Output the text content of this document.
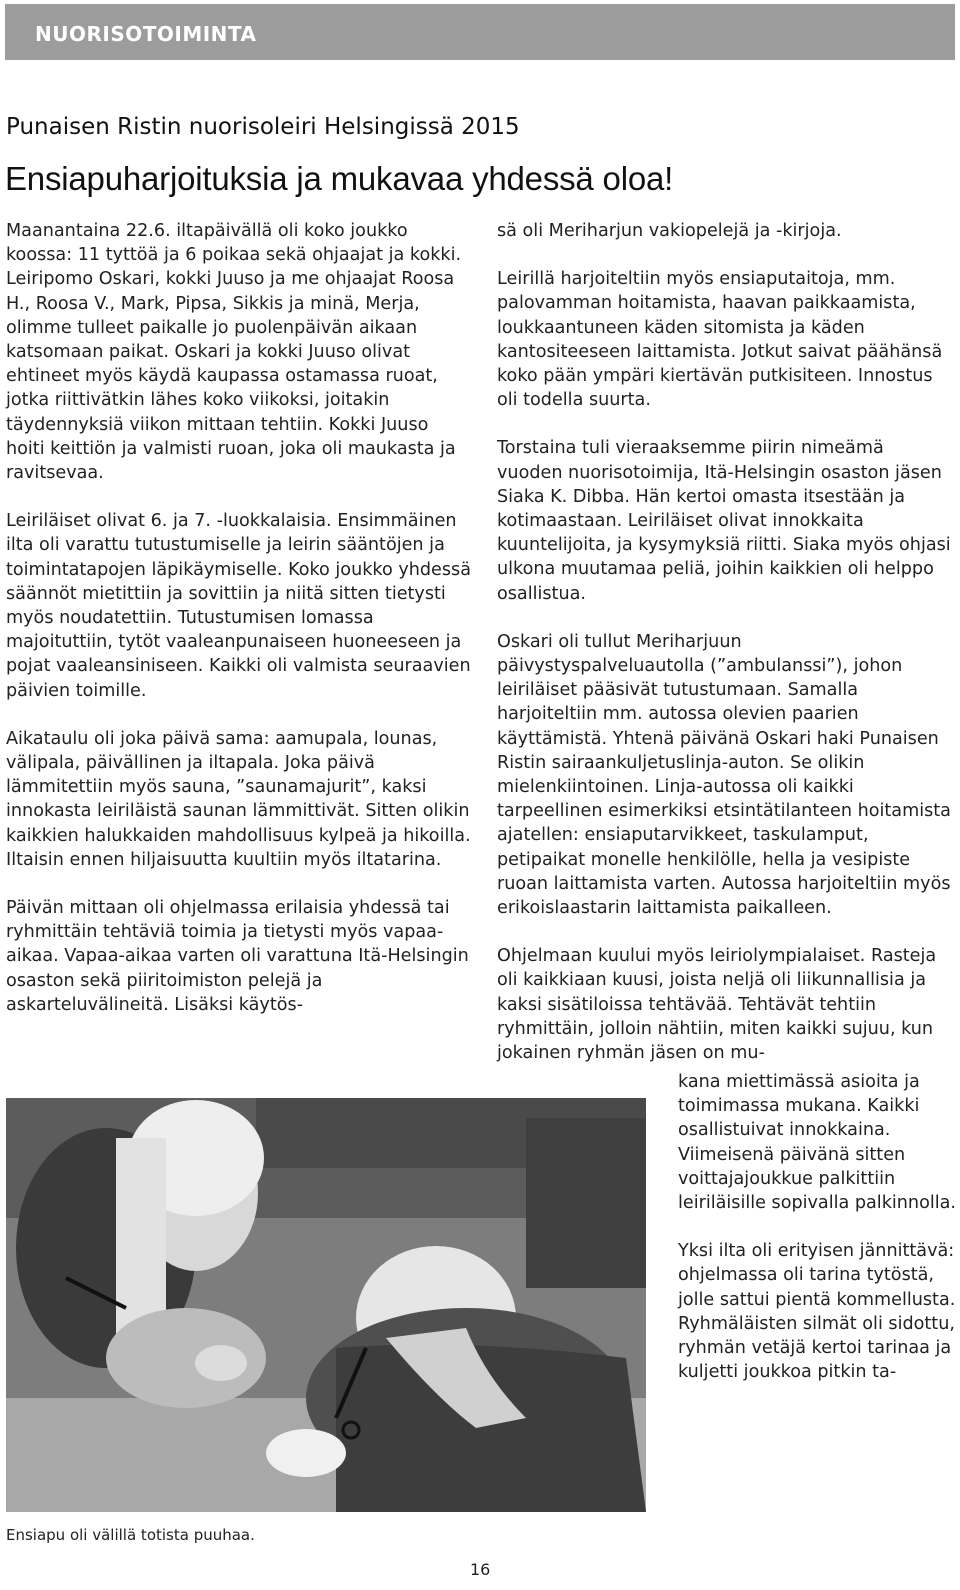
NUORISOTOIMINTA
Punaisen Ristin nuorisoleiri Helsingissä 2015
Ensiapuharjoituksia ja mukavaa yhdessä oloa!

Maanantaina 22.6. iltapäivällä oli koko joukko koossa: 11 tyttöä ja 6 poikaa sekä ohjaajat ja kokki. Leiripomo Oskari, kokki Juuso ja me ohjaajat Roosa H., Roosa V., Mark, Pipsa, Sikkis ja minä, Merja, olimme tulleet paikalle jo puolenpäivän aikaan katsomaan paikat. Oskari ja kokki Juuso olivat ehtineet myös käydä kaupassa ostamassa ruoat, jotka riittivätkin lähes koko viikoksi, joitakin täydennyksiä viikon mittaan tehtiin. Kokki Juuso hoiti keittiön ja valmisti ruoan, joka oli maukasta ja ravitsevaa.

Leiriläiset olivat 6. ja 7. -luokkalaisia. Ensimmäinen ilta oli varattu tutustumiselle ja leirin sääntöjen ja toimintatapojen läpikäymiselle. Koko joukko yhdessä säännöt mietittiin ja sovittiin ja niitä sitten tietysti myös noudatettiin. Tutustumisen lomassa majoituttiin, tytöt vaaleanpunaiseen huoneeseen ja pojat vaaleansiniseen. Kaikki oli valmista seuraavien päivien toimille.

Aikataulu oli joka päivä sama: aamupala, lounas, välipala, päivällinen ja iltapala. Joka päivä lämmitettiin myös sauna, ”saunamajurit”, kaksi innokasta leiriläistä saunan lämmittivät. Sitten olikin kaikkien halukkaiden mahdollisuus kylpeä ja hikoilla. Iltaisin ennen hiljaisuutta kuultiin myös iltatarina.

Päivän mittaan oli ohjelmassa erilaisia yhdessä tai ryhmittäin tehtäviä toimia ja tietysti myös vapaa-aikaa. Vapaa-aikaa varten oli varattuna Itä-Helsingin osaston sekä piiritoimiston pelejä ja askarteluvälineitä. Lisäksi käytös-

sä oli Meriharjun vakiopelejä ja -kirjoja.

Leirillä harjoiteltiin myös ensiaputaitoja, mm. palovamman hoitamista, haavan paikkaamista, loukkaantuneen käden sitomista ja käden kantositeeseen laittamista. Jotkut saivat päähänsä koko pään ympäri kiertävän putkisiteen. Innostus oli todella suurta.

Torstaina tuli vieraaksemme piirin nimeämä vuoden nuorisotoimija, Itä-Helsingin osaston jäsen Siaka K. Dibba. Hän kertoi omasta itsestään ja kotimaastaan. Leiriläiset olivat innokkaita kuuntelijoita, ja kysymyksiä riitti. Siaka myös ohjasi ulkona muutamaa peliä, joihin kaikkien oli helppo osallistua.

Oskari oli tullut Meriharjuun päivystyspalveluautolla (”ambulanssi”), johon leiriläiset pääsivät tutustumaan. Samalla harjoiteltiin mm. autossa olevien paarien käyttämistä. Yhtenä päivänä Oskari haki Punaisen Ristin sairaankuljetuslinja-auton. Se olikin mielenkiintoinen. Linja-autossa oli kaikki tarpeellinen esimerkiksi etsintätilanteen hoitamista ajatellen: ensiaputarvikkeet, taskulamput, petipaikat monelle henkilölle, hella ja vesipiste ruoan laittamista varten. Autossa harjoiteltiin myös erikoislaastarin laittamista paikalleen.

Ohjelmaan kuului myös leiriolympialaiset. Rasteja oli kaikkiaan kuusi, joista neljä oli liikunnallisia ja kaksi sisätiloissa tehtävää. Tehtävät tehtiin ryhmittäin, jolloin nähtiin, miten kaikki sujuu, kun jokainen ryhmän jäsen on mu-

kana miettimässä asioita ja toimimassa mukana. Kaikki osallistuivat innokkaina. Viimeisenä päivänä sitten voittajajoukkue palkittiin leiriläisille sopivalla palkinnolla.

Yksi ilta oli erityisen jännittävä: ohjelmassa oli tarina tytöstä, jolle sattui pientä kommellusta. Ryhmäläisten silmät oli sidottu, ryhmän vetäjä kertoi tarinaa ja kuljetti joukkoa pitkin ta-

Ensiapu oli välillä totista puuhaa.
16
